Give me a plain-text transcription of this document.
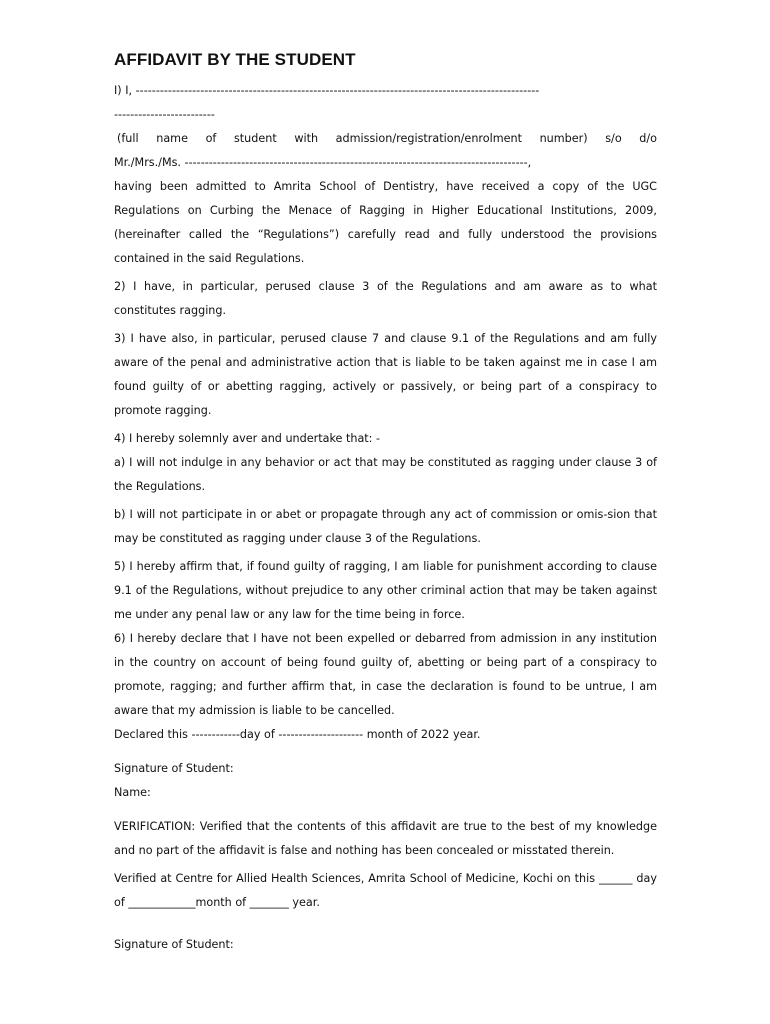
AFFIDAVIT BY THE STUDENT
I) I, ----------------------------------------------------------------------------------------------------
-------------------------
(full name of student with admission/registration/enrolment number) s/o d/o
Mr./Mrs./Ms. -------------------------------------------------------------------------------------,

having been admitted to Amrita School of Dentistry, have received a copy of the UGC Regulations on Curbing the Menace of Ragging in Higher Educational Institutions, 2009, (hereinafter called the “Regulations”) carefully read and fully understood the provisions contained in the said Regulations.

2) I have, in particular, perused clause 3 of the Regulations and am aware as to what constitutes ragging.

3) I have also, in particular, perused clause 7 and clause 9.1 of the Regulations and am fully aware of the penal and administrative action that is liable to be taken against me in case I am found guilty of or abetting ragging, actively or passively, or being part of a conspiracy to promote ragging.

4) I hereby solemnly aver and undertake that: -

a) I will not indulge in any behavior or act that may be constituted as ragging under clause 3 of the Regulations.

b) I will not participate in or abet or propagate through any act of commission or omis-sion that may be constituted as ragging under clause 3 of the Regulations.

5) I hereby affirm that, if found guilty of ragging, I am liable for punishment according to clause 9.1 of the Regulations, without prejudice to any other criminal action that may be taken against me under any penal law or any law for the time being in force.
6) I hereby declare that I have not been expelled or debarred from admission in any institution in the country on account of being found guilty of, abetting or being part of a conspiracy to promote, ragging; and further affirm that, in case the declaration is found to be untrue, I am aware that my admission is liable to be cancelled.
Declared this ------------day of --------------------- month of 2022 year.
Signature of Student:
Name:

VERIFICATION: Verified that the contents of this affidavit are true to the best of my knowledge and no part of the affidavit is false and nothing has been concealed or misstated therein.

Verified at Centre for Allied Health Sciences, Amrita School of Medicine, Kochi on this ______ day of ____________month of _______ year.

Signature of Student:
